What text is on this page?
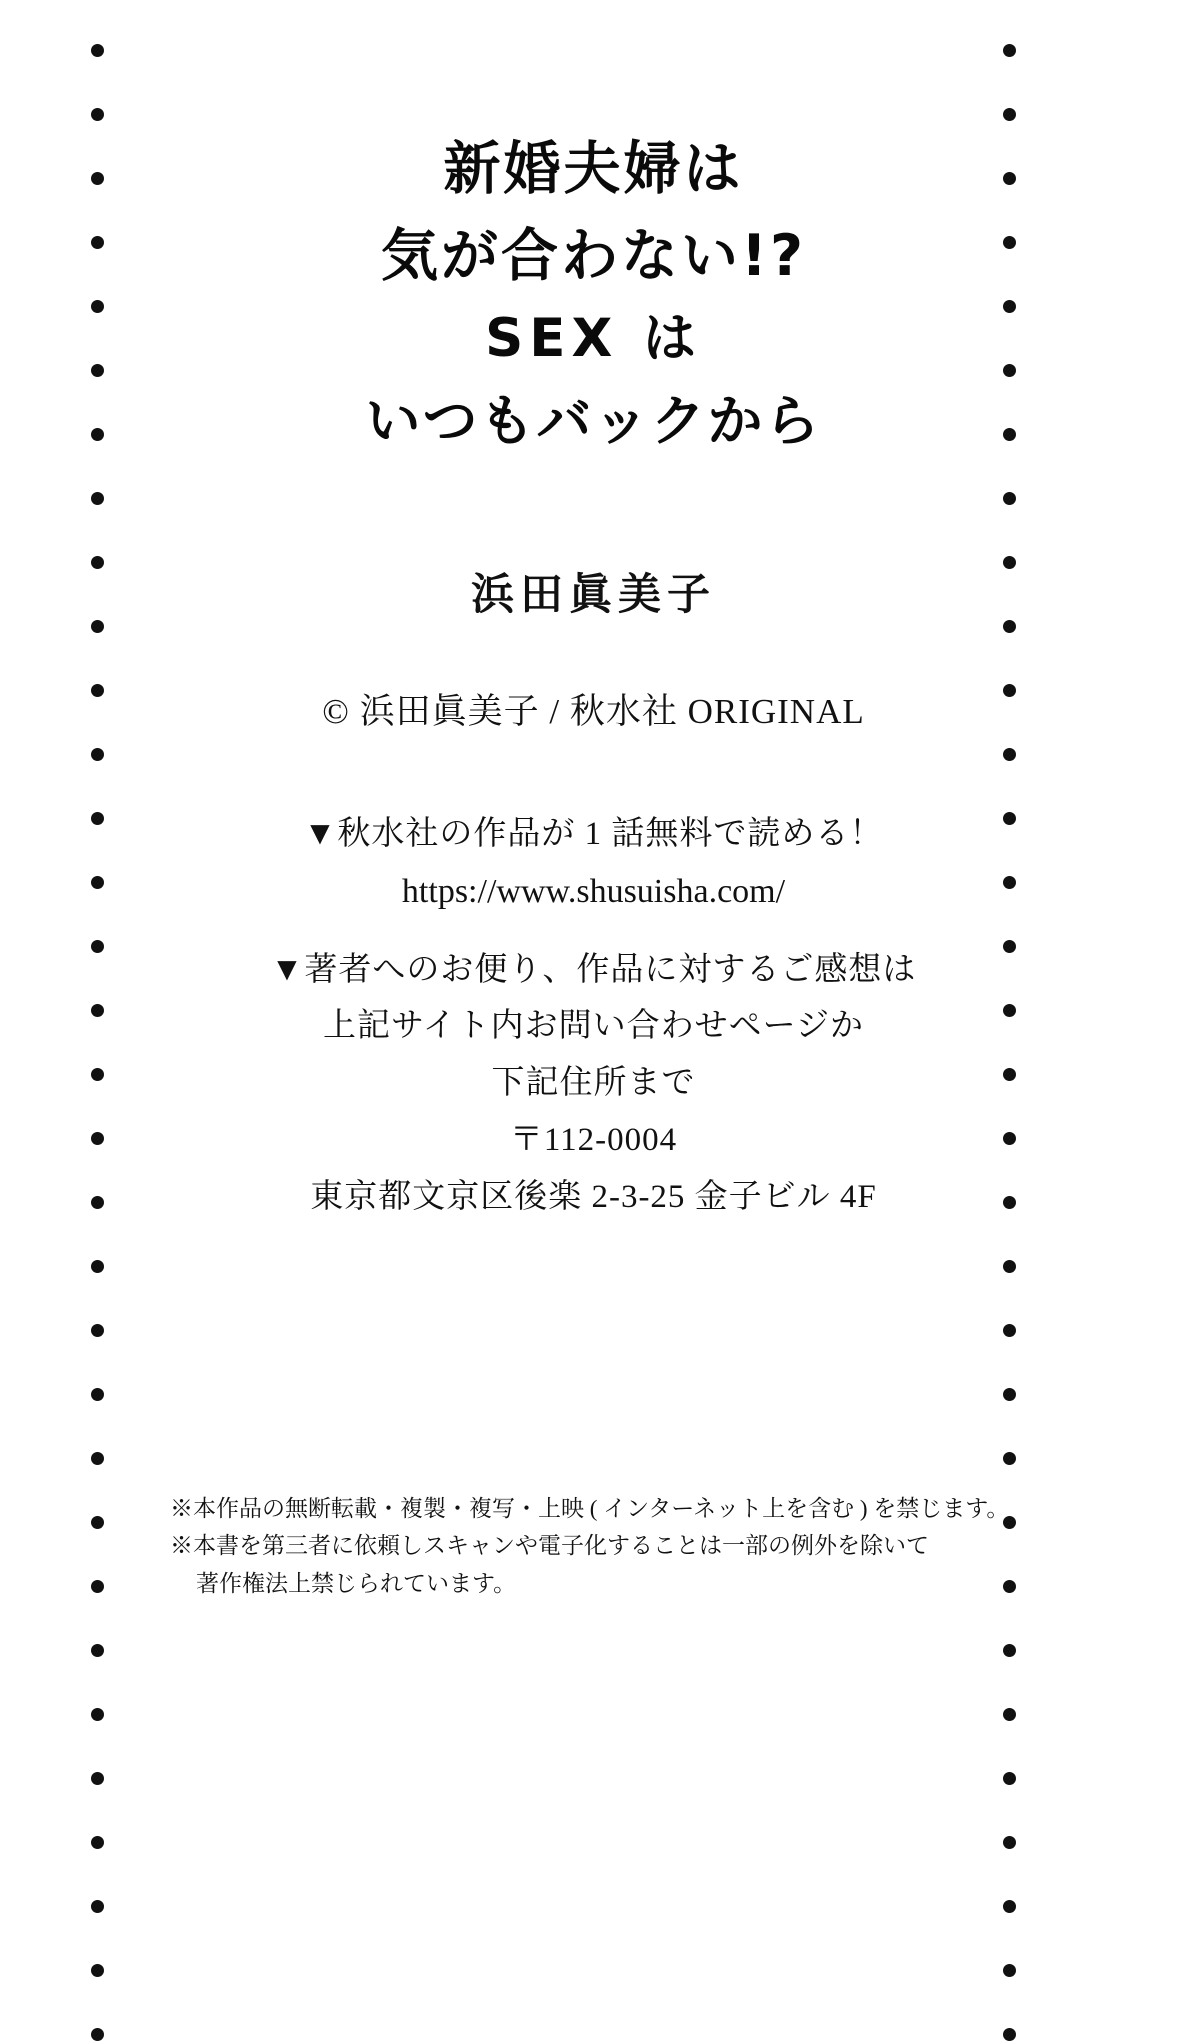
新婚夫婦は
気が合わない!?
SEX は
いつもバックから
浜田眞美子
© 浜田眞美子 / 秋水社 ORIGINAL
▼秋水社の作品が 1 話無料で読める！
https://www.shusuisha.com/
▼著者へのお便り、作品に対するご感想は
上記サイト内お問い合わせページか
下記住所まで
〒112-0004
東京都文京区後楽 2-3-25 金子ビル 4F
※本作品の無断転載・複製・複写・上映 ( インターネット上を含む ) を禁じます。
※本書を第三者に依頼しスキャンや電子化することは一部の例外を除いて
著作権法上禁じられています。
